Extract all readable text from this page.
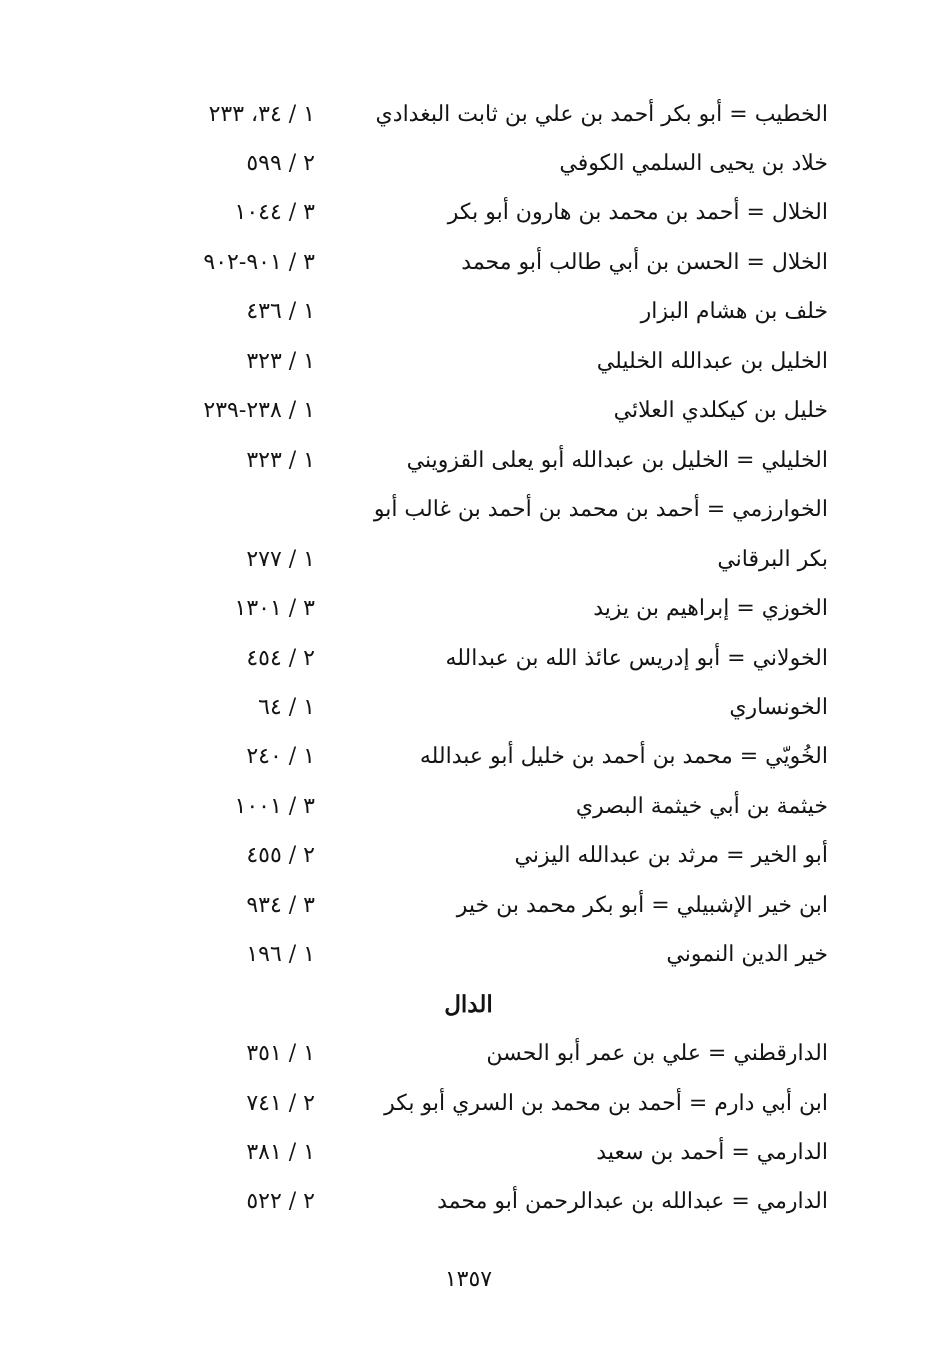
الخطيب = أبو بكر أحمد بن علي بن ثابت البغدادي
١ / ٣٤، ٢٣٣
خلاد بن يحيى السلمي الكوفي
٢ / ٥٩٩
الخلال = أحمد بن محمد بن هارون أبو بكر
٣ / ١٠٤٤
الخلال = الحسن بن أبي طالب أبو محمد
٣ / ٩٠١-٩٠٢
خلف بن هشام البزار
١ / ٤٣٦
الخليل بن عبدالله الخليلي
١ / ٣٢٣
خليل بن كيكلدي العلائي
١ / ٢٣٨-٢٣٩
الخليلي = الخليل بن عبدالله أبو يعلى القزويني
١ / ٣٢٣
الخوارزمي = أحمد بن محمد بن أحمد بن غالب أبو
بكر البرقاني
١ / ٢٧٧
الخوزي = إبراهيم بن يزيد
٣ / ١٣٠١
الخولاني = أبو إدريس عائذ الله بن عبدالله
٢ / ٤٥٤
الخونساري
١ / ٦٤
الخُويّي = محمد بن أحمد بن خليل أبو عبدالله
١ / ٢٤٠
خيثمة بن أبي خيثمة البصري
٣ / ١٠٠١
أبو الخير = مرثد بن عبدالله اليزني
٢ / ٤٥٥
ابن خير الإشبيلي = أبو بكر محمد بن خير
٣ / ٩٣٤
خير الدين النموني
١ / ١٩٦
الدال
الدارقطني = علي بن عمر أبو الحسن
١ / ٣٥١
ابن أبي دارم = أحمد بن محمد بن السري أبو بكر
٢ / ٧٤١
الدارمي = أحمد بن سعيد
١ / ٣٨١
الدارمي = عبدالله بن عبدالرحمن أبو محمد
٢ / ٥٢٢
١٣٥٧
